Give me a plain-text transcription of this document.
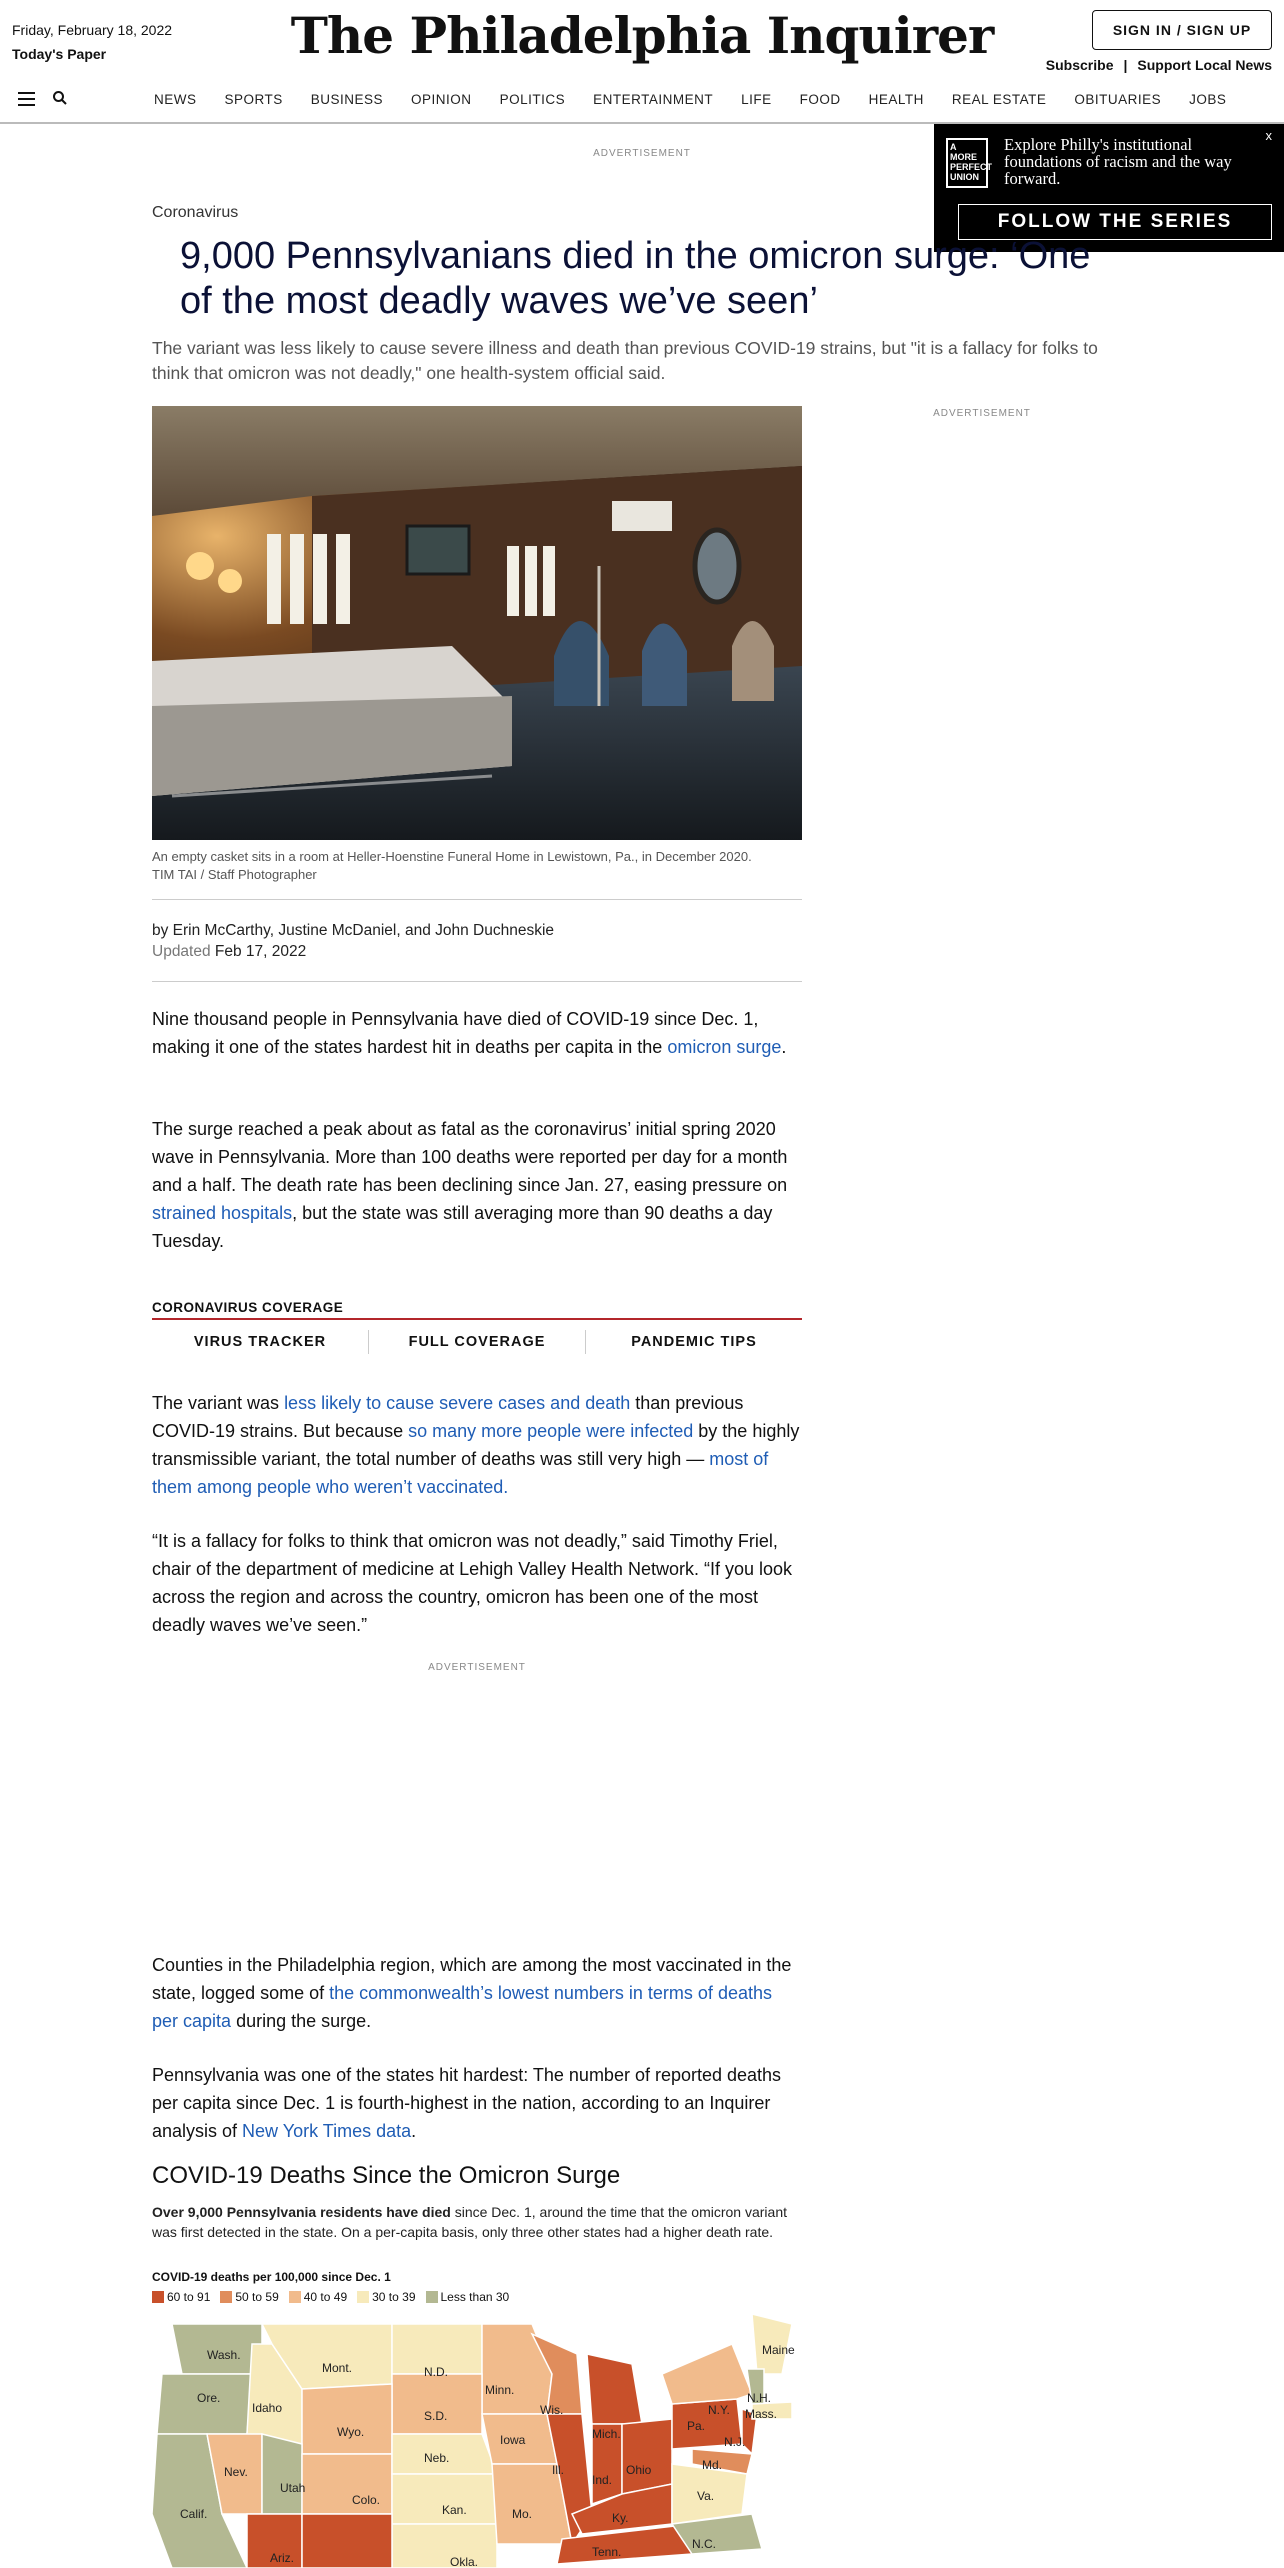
Friday, February 18, 2022
Today's Paper	The Philadelphia Inquirer	SIGN IN / SIGN UP
Subscribe | Support Local News
NEWS SPORTS BUSINESS OPINION POLITICS ENTERTAINMENT LIFE FOOD HEALTH REAL ESTATE OBITUARIES JOBS
ADVERTISEMENT
x
A MORE PERFECT UNION
Explore Philly's institutional foundations of racism and the way forward.
FOLLOW THE SERIES
Coronavirus
9,000 Pennsylvanians died in the omicron surge: ‘One of the most deadly waves we’ve seen’
The variant was less likely to cause severe illness and death than previous COVID-19 strains, but "it is a fallacy for folks to think that omicron was not deadly," one health-system official said.
ADVERTISEMENT
An empty casket sits in a room at Heller-Hoenstine Funeral Home in Lewistown, Pa., in December 2020.
TIM TAI / Staff Photographer
by Erin McCarthy, Justine McDaniel, and John Duchneskie
Updated Feb 17, 2022
Nine thousand people in Pennsylvania have died of COVID-19 since Dec. 1, making it one of the states hardest hit in deaths per capita in the omicron surge.
The surge reached a peak about as fatal as the coronavirus’ initial spring 2020 wave in Pennsylvania. More than 100 deaths were reported per day for a month and a half. The death rate has been declining since Jan. 27, easing pressure on strained hospitals, but the state was still averaging more than 90 deaths a day Tuesday.
CORONAVIRUS COVERAGE
VIRUS TRACKER	FULL COVERAGE	PANDEMIC TIPS
The variant was less likely to cause severe cases and death than previous COVID-19 strains. But because so many more people were infected by the highly transmissible variant, the total number of deaths was still very high — most of them among people who weren’t vaccinated.
“It is a fallacy for folks to think that omicron was not deadly,” said Timothy Friel, chair of the department of medicine at Lehigh Valley Health Network. “If you look across the region and across the country, omicron has been one of the most deadly waves we’ve seen.”
ADVERTISEMENT
Counties in the Philadelphia region, which are among the most vaccinated in the state, logged some of the commonwealth’s lowest numbers in terms of deaths per capita during the surge.
Pennsylvania was one of the states hit hardest: The number of reported deaths per capita since Dec. 1 is fourth-highest in the nation, according to an Inquirer analysis of New York Times data.
COVID-19 Deaths Since the Omicron Surge
Over 9,000 Pennsylvania residents have died since Dec. 1, around the time that the omicron variant was first detected in the state. On a per-capita basis, only three other states had a higher death rate.
COVID-19 deaths per 100,000 since Dec. 1
60 to 91 50 to 59 40 to 49 30 to 39 Less than 30
Wash.
Mont.	N.D.
Minn.
Maine
Ore.
Idaho
S.D.	Wis.
Mich.
N.Y.
N.H.
Mass.
Wyo.
Iowa
Pa.
N.J.
Nev.
Neb.
Ill.
Ind.
Ohio	Md.
Utah
Colo.
Kan.	Mo.	Ky.
Va.
Calif.
Okla.
Tenn.
N.C.
Ariz.
